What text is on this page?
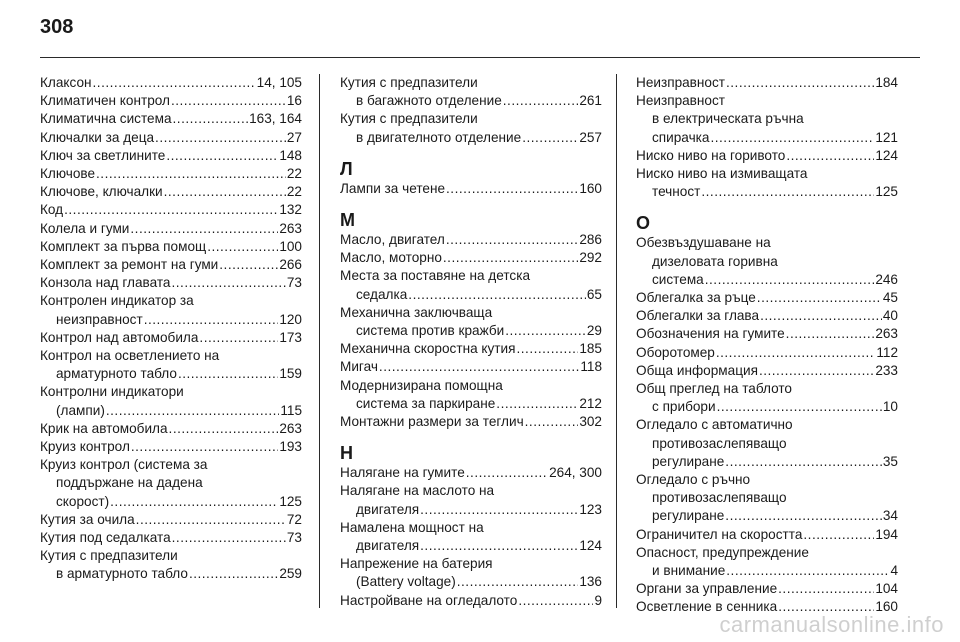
308
Клаксон .....	14, 105
Климатичен контрол .....	16
Климатична система .....	163, 164
Ключалки за деца .....	27
Ключ за светлините .....	148
Ключове .....	22
Ключове, ключалки .....	22
Код .....	132
Колела и гуми .....	263
Комплект за първа помощ .....	100
Комплект за ремонт на гуми .....	266
Конзола над главата .....	73
Контролен индикатор за
неизправност .....	120
Контрол над автомобила .....	173
Контрол на осветлението на
арматурното табло .....	159
Контролни индикатори
(лампи) .....	115
Крик на автомобила .....	263
Круиз контрол .....	193
Круиз контрол (система за
поддържане на дадена
скорост) .....	125
Кутия за очила .....	72
Кутия под седалката .....	73
Кутия с предпазители
в арматурното табло .....	259
Кутия с предпазители
в багажното отделение .....	261
Кутия с предпазители
в двигателното отделение .....	257
Л
Лампи за четене .....	160
М
Масло, двигател .....	286
Масло, моторно .....	292
Места за поставяне на детска
седалка .....	65
Механична заключваща
система против кражби .....	29
Механична скоростна кутия .....	185
Мигач .....	118
Модернизирана помощна
система за паркиране .....	212
Монтажни размери за теглич .....	302
Н
Налягане на гумите .....	264, 300
Налягане на маслото на
двигателя .....	123
Намалена мощност на
двигателя .....	124
Напрежение на батерия
(Battery voltage) .....	136
Настройване на огледалото .....	9
Неизправност .....	184
Неизправност
в електрическата ръчна
спирачка .....	121
Ниско ниво на горивото .....	124
Ниско ниво на измиващата
течност .....	125
О
Обезвъздушаване на
дизеловата горивна
система .....	246
Облегалка за ръце .....	45
Облегалки за глава .....	40
Обозначения на гумите .....	263
Оборотомер .....	112
Обща информация .....	233
Общ преглед на таблото
с прибори .....	10
Огледало с автоматично
противозаслепяващо
регулиране .....	35
Огледало с ръчно
противозаслепяващо
регулиране .....	34
Ограничител на скоростта .....	194
Опасност, предупреждение
и внимание .....	4
Органи за управление .....	104
Осветление в сенника .....	160
carmanualsonline.info
